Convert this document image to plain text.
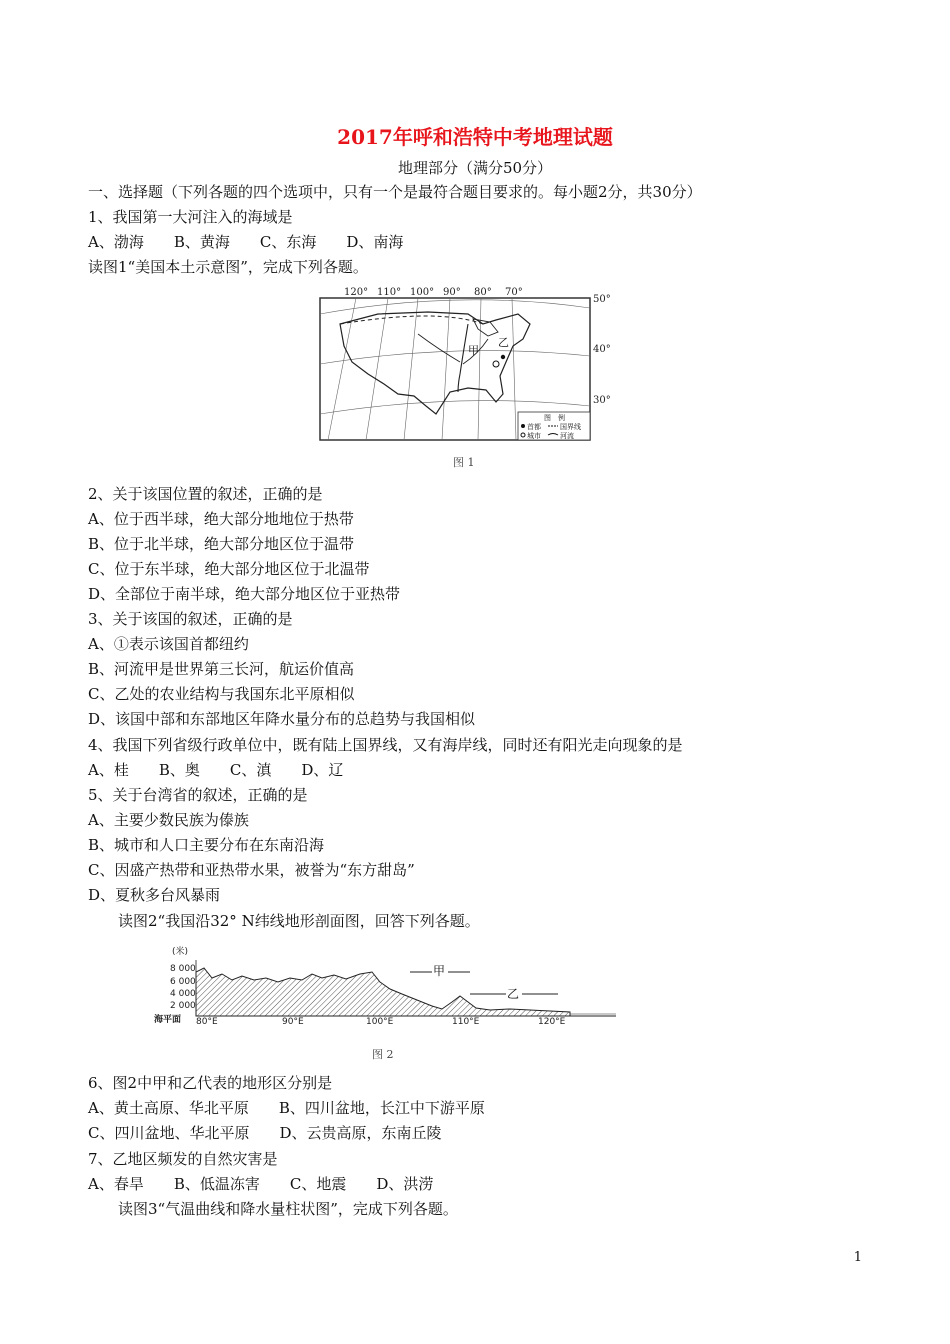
2017年呼和浩特中考地理试题
地理部分（满分50分）
一、选择题（下列各题的四个选项中，只有一个是最符合题目要求的。每小题2分，共30分）
1、我国第一大河注入的海域是
A、渤海　　B、黄海　　C、东海　　D、南海
读图1“美国本土示意图”，完成下列各题。
120° 110° 100° 90° 80° 70°
50°
40°
30°
甲
乙
图　例
首都	国界线
城市	河流
图 1
2、关于该国位置的叙述，正确的是
A、位于西半球，绝大部分地地位于热带
B、位于北半球，绝大部分地区位于温带
C、位于东半球，绝大部分地区位于北温带
D、全部位于南半球，绝大部分地区位于亚热带
3、关于该国的叙述，正确的是
A、①表示该国首都纽约
B、河流甲是世界第三长河，航运价值高
C、乙处的农业结构与我国东北平原相似
D、该国中部和东部地区年降水量分布的总趋势与我国相似
4、我国下列省级行政单位中，既有陆上国界线，又有海岸线，同时还有阳光走向现象的是
A、桂　　B、奥　　C、滇　　D、辽
5、关于台湾省的叙述，正确的是
A、主要少数民族为傣族
B、城市和人口主要分布在东南沿海
C、因盛产热带和亚热带水果，被誉为“东方甜岛”
D、夏秋多台风暴雨
读图2“我国沿32° N纬线地形剖面图，回答下列各题。
(米)
8 000
6 000
4 000
2 000
海平面 80°E	90°E	100°E	110°E	120°E
甲
乙
图 2
6、图2中甲和乙代表的地形区分别是
A、黄土高原、华北平原　　B、四川盆地，长江中下游平原
C、四川盆地、华北平原　　D、云贵高原，东南丘陵
7、乙地区频发的自然灾害是
A、春旱　　B、低温冻害　　C、地震　　D、洪涝
读图3“气温曲线和降水量柱状图”，完成下列各题。
1
